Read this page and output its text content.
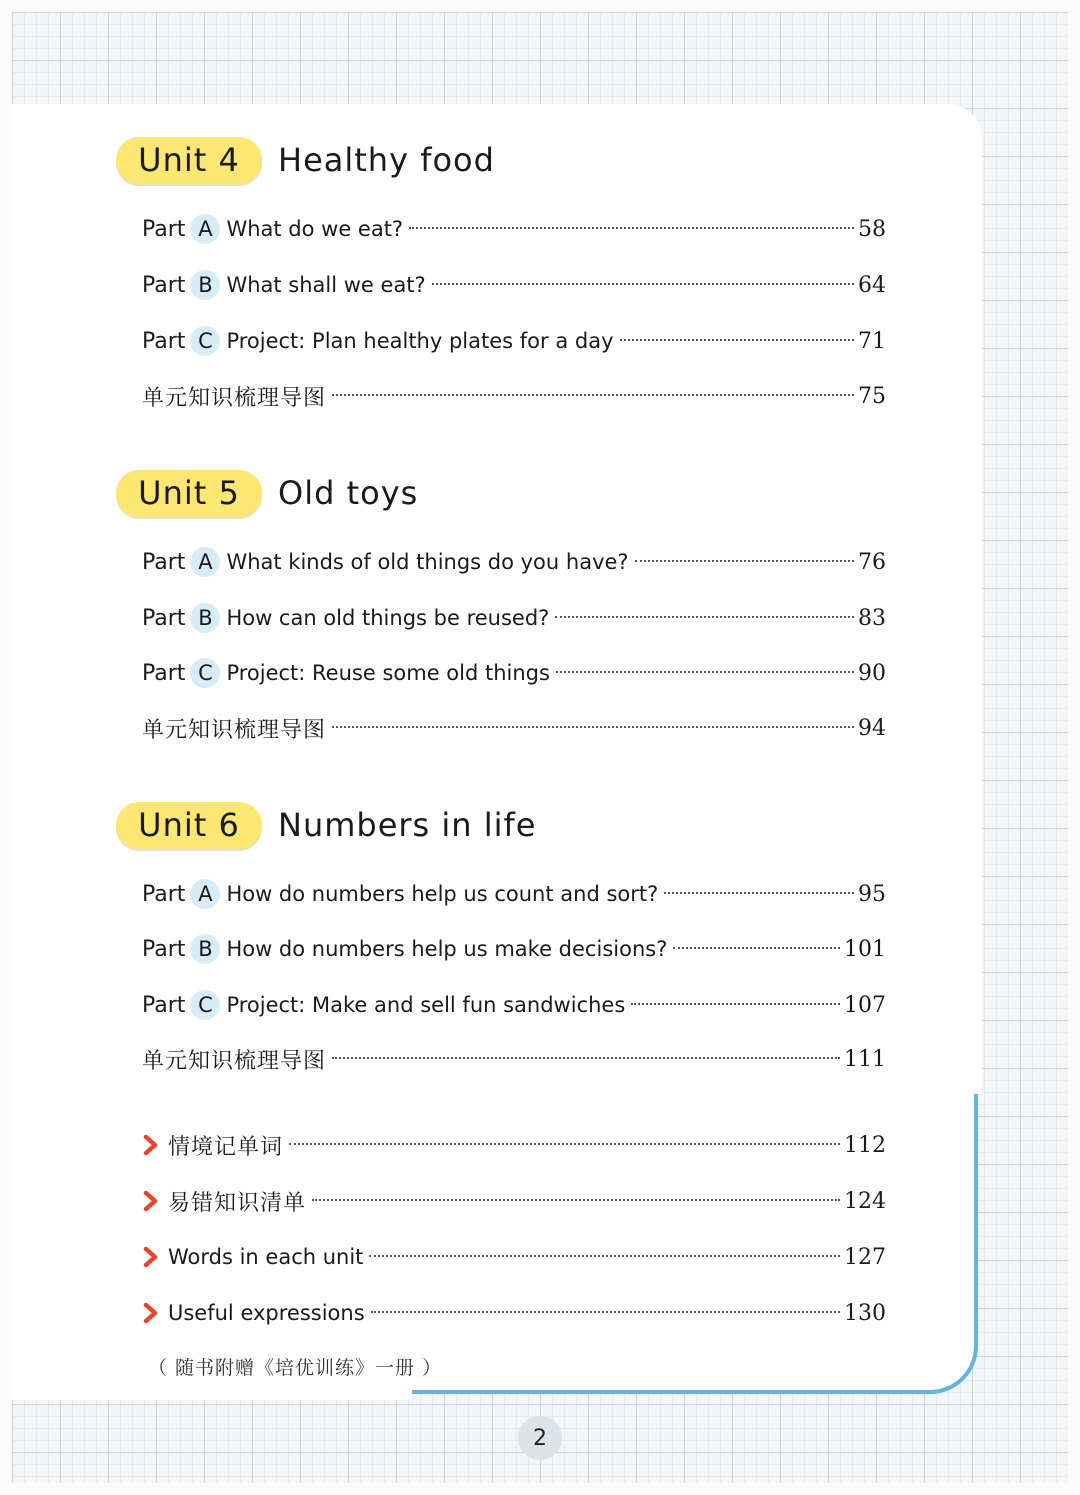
Unit 4 Healthy food
Part A What do we eat?	58
Part B What shall we eat?	64
Part C Project: Plan healthy plates for a day	71
单元知识梳理导图	75
Unit 5 Old toys
Part A What kinds of old things do you have?	76
Part B How can old things be reused?	83
Part C Project: Reuse some old things	90
单元知识梳理导图	94
Unit 6 Numbers in life
Part A How do numbers help us count and sort?	95
Part B How do numbers help us make decisions?	101
Part C Project: Make and sell fun sandwiches	107
单元知识梳理导图	111
情境记单词	112
易错知识清单	124
Words in each unit	127
Useful expressions	130
（ 随书附赠《培优训练》一册 ）
2
